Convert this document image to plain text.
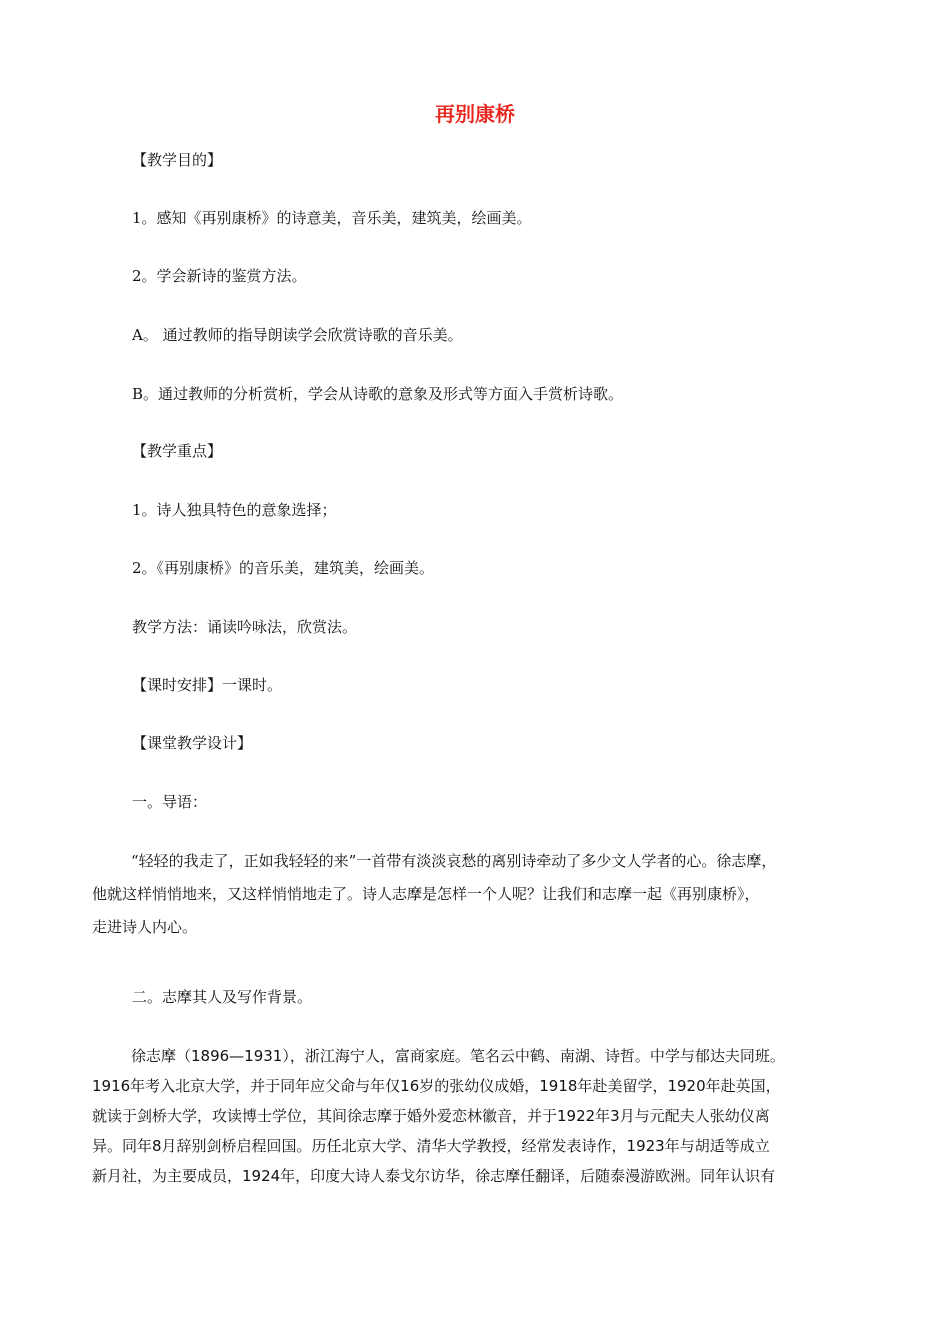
再别康桥

【教学目的】

1。感知《再别康桥》的诗意美，音乐美，建筑美，绘画美。

2。学会新诗的鉴赏方法。

A。 通过教师的指导朗读学会欣赏诗歌的音乐美。

B。通过教师的分析赏析，学会从诗歌的意象及形式等方面入手赏析诗歌。

【教学重点】

1。诗人独具特色的意象选择；

2。《再别康桥》的音乐美，建筑美，绘画美。

教学方法：诵读吟咏法，欣赏法。

【课时安排】一课时。

【课堂教学设计】

一。导语：

“轻轻的我走了，正如我轻轻的来”一首带有淡淡哀愁的离别诗牵动了多少文人学者的心。徐志摩，
他就这样悄悄地来，又这样悄悄地走了。诗人志摩是怎样一个人呢？让我们和志摩一起《再别康桥》，
走进诗人内心。

二。志摩其人及写作背景。

徐志摩（1896—1931），浙江海宁人，富商家庭。笔名云中鹤、南湖、诗哲。中学与郁达夫同班。
1916年考入北京大学，并于同年应父命与年仅16岁的张幼仪成婚，1918年赴美留学，1920年赴英国，
就读于剑桥大学，攻读博士学位，其间徐志摩于婚外爱恋林徽音，并于1922年3月与元配夫人张幼仪离
异。同年8月辞别剑桥启程回国。历任北京大学、清华大学教授，经常发表诗作，1923年与胡适等成立
新月社，为主要成员，1924年，印度大诗人泰戈尔访华，徐志摩任翻译，后随泰漫游欧洲。同年认识有
